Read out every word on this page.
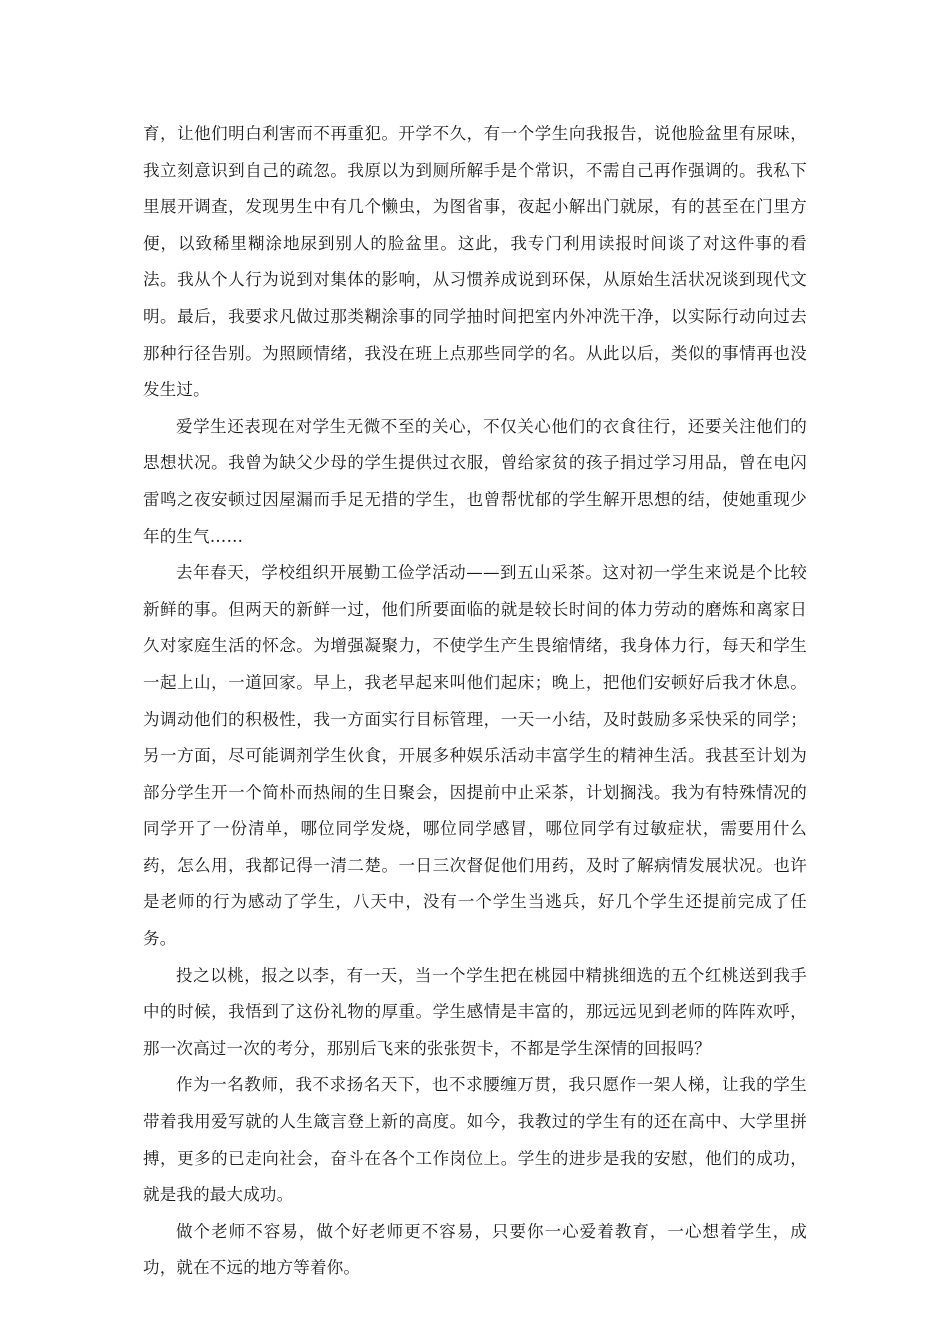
育，让他们明白利害而不再重犯。开学不久，有一个学生向我报告，说他脸盆里有尿味，我立刻意识到自己的疏忽。我原以为到厕所解手是个常识，不需自己再作强调的。我私下里展开调查，发现男生中有几个懒虫，为图省事，夜起小解出门就尿，有的甚至在门里方便，以致稀里糊涂地尿到别人的脸盆里。这此，我专门利用读报时间谈了对这件事的看法。我从个人行为说到对集体的影响，从习惯养成说到环保，从原始生活状况谈到现代文明。最后，我要求凡做过那类糊涂事的同学抽时间把室内外冲洗干净，以实际行动向过去那种行径告别。为照顾情绪，我没在班上点那些同学的名。从此以后，类似的事情再也没发生过。

爱学生还表现在对学生无微不至的关心，不仅关心他们的衣食往行，还要关注他们的思想状况。我曾为缺父少母的学生提供过衣服，曾给家贫的孩子捐过学习用品，曾在电闪雷鸣之夜安顿过因屋漏而手足无措的学生，也曾帮忧郁的学生解开思想的结，使她重现少年的生气……

去年春天，学校组织开展勤工俭学活动——到五山采茶。这对初一学生来说是个比较新鲜的事。但两天的新鲜一过，他们所要面临的就是较长时间的体力劳动的磨炼和离家日久对家庭生活的怀念。为增强凝聚力，不使学生产生畏缩情绪，我身体力行，每天和学生一起上山，一道回家。早上，我老早起来叫他们起床；晚上，把他们安顿好后我才休息。为调动他们的积极性，我一方面实行目标管理，一天一小结，及时鼓励多采快采的同学；另一方面，尽可能调剂学生伙食，开展多种娱乐活动丰富学生的精神生活。我甚至计划为部分学生开一个简朴而热闹的生日聚会，因提前中止采茶，计划搁浅。我为有特殊情况的同学开了一份清单，哪位同学发烧，哪位同学感冒，哪位同学有过敏症状，需要用什么药，怎么用，我都记得一清二楚。一日三次督促他们用药，及时了解病情发展状况。也许是老师的行为感动了学生，八天中，没有一个学生当逃兵，好几个学生还提前完成了任务。

投之以桃，报之以李，有一天，当一个学生把在桃园中精挑细选的五个红桃送到我手中的时候，我悟到了这份礼物的厚重。学生感情是丰富的，那远远见到老师的阵阵欢呼，那一次高过一次的考分，那别后飞来的张张贺卡，不都是学生深情的回报吗？

作为一名教师，我不求扬名天下，也不求腰缠万贯，我只愿作一架人梯，让我的学生带着我用爱写就的人生箴言登上新的高度。如今，我教过的学生有的还在高中、大学里拼搏，更多的已走向社会，奋斗在各个工作岗位上。学生的进步是我的安慰，他们的成功，就是我的最大成功。

做个老师不容易，做个好老师更不容易，只要你一心爱着教育，一心想着学生，成功，就在不远的地方等着你。
